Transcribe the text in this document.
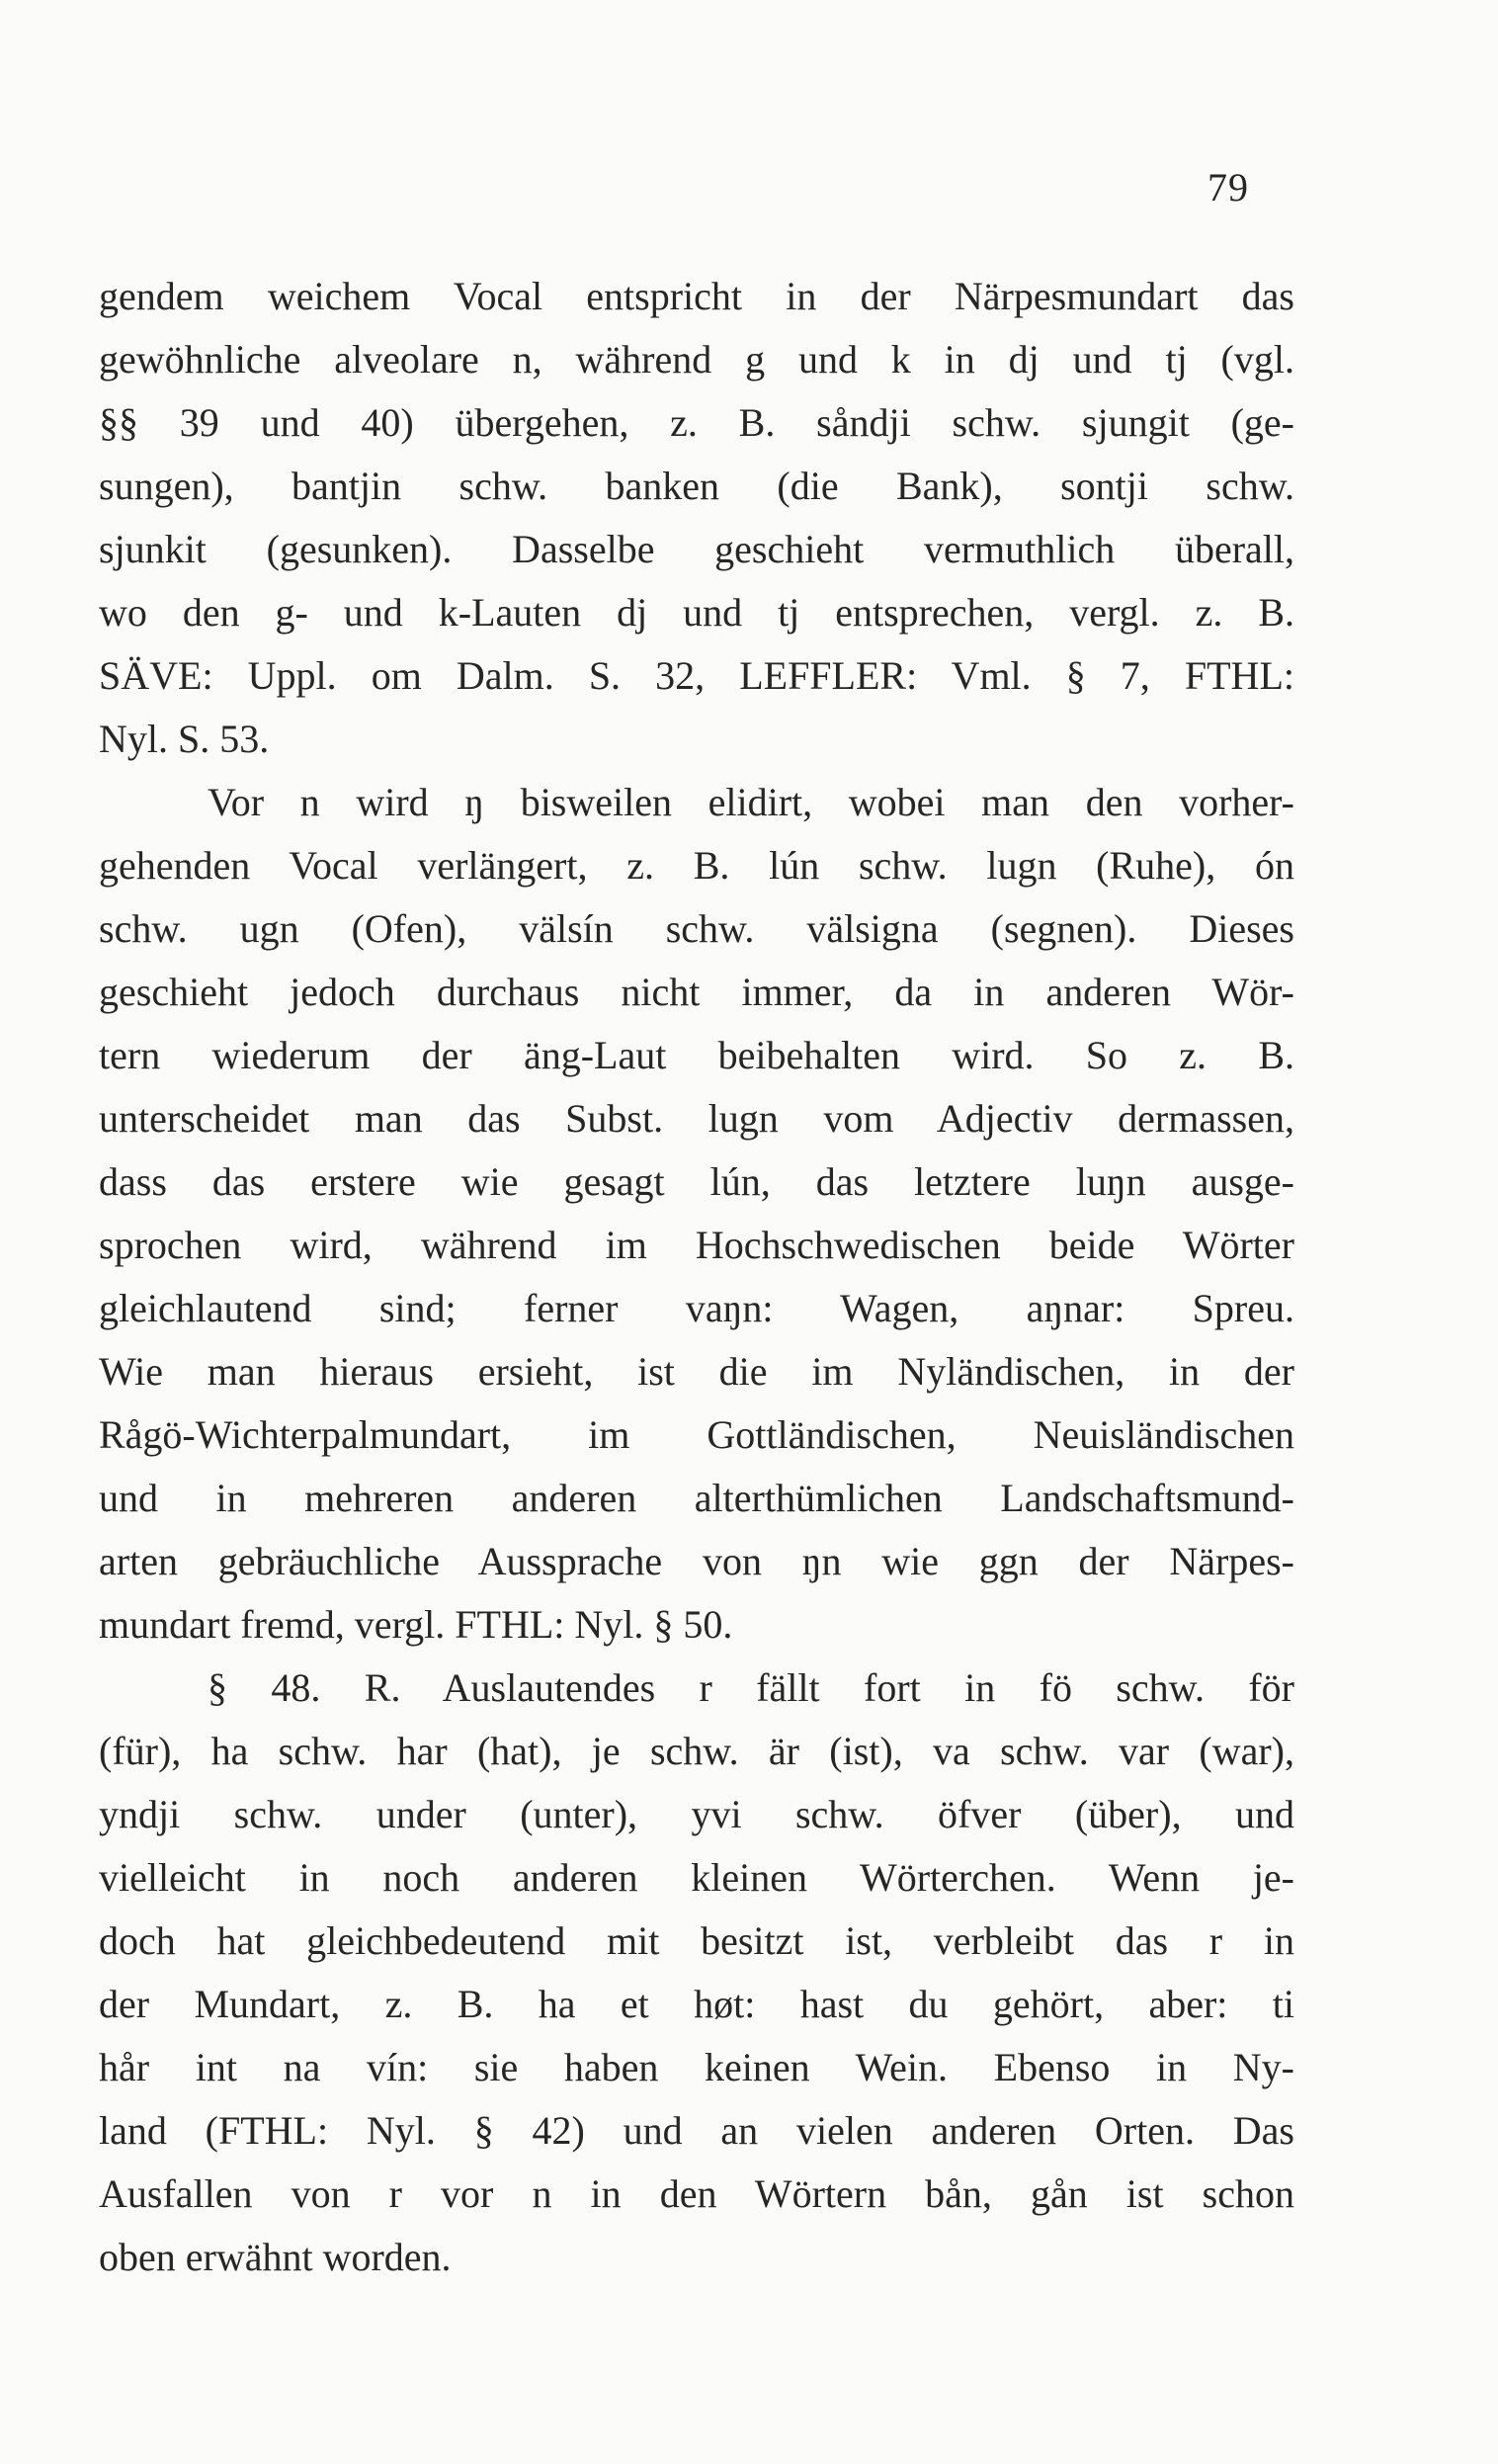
79
gendem weichem Vocal entspricht in der Närpesmundart das
gewöhnliche alveolare n, während g und k in dj und tj (vgl.
§§ 39 und 40) übergehen, z. B. såndji schw. sjungit (ge-
sungen), bantjin schw. banken (die Bank), sontji schw.
sjunkit (gesunken). Dasselbe geschieht vermuthlich überall,
wo den g- und k-Lauten dj und tj entsprechen, vergl. z. B.
SÄVE: Uppl. om Dalm. S. 32, LEFFLER: Vml. § 7, FTHL:
Nyl. S. 53.
Vor n wird ŋ bisweilen elidirt, wobei man den vorher-
gehenden Vocal verlängert, z. B. lún schw. lugn (Ruhe), ón
schw. ugn (Ofen), välsín schw. välsigna (segnen). Dieses
geschieht jedoch durchaus nicht immer, da in anderen Wör-
tern wiederum der äng-Laut beibehalten wird. So z. B.
unterscheidet man das Subst. lugn vom Adjectiv dermassen,
dass das erstere wie gesagt lún, das letztere luŋn ausge-
sprochen wird, während im Hochschwedischen beide Wörter
gleichlautend sind; ferner vaŋn: Wagen, aŋnar: Spreu.
Wie man hieraus ersieht, ist die im Nyländischen, in der
Rågö-Wichterpalmundart, im Gottländischen, Neuisländischen
und in mehreren anderen alterthümlichen Landschaftsmund-
arten gebräuchliche Aussprache von ŋn wie ggn der Närpes-
mundart fremd, vergl. FTHL: Nyl. § 50.
§ 48. R. Auslautendes r fällt fort in fö schw. för
(für), ha schw. har (hat), je schw. är (ist), va schw. var (war),
yndji schw. under (unter), yvi schw. öfver (über), und
vielleicht in noch anderen kleinen Wörterchen. Wenn je-
doch hat gleichbedeutend mit besitzt ist, verbleibt das r in
der Mundart, z. B. ha et høt: hast du gehört, aber: ti
hår int na vín: sie haben keinen Wein. Ebenso in Ny-
land (FTHL: Nyl. § 42) und an vielen anderen Orten. Das
Ausfallen von r vor n in den Wörtern bån, gån ist schon
oben erwähnt worden.
